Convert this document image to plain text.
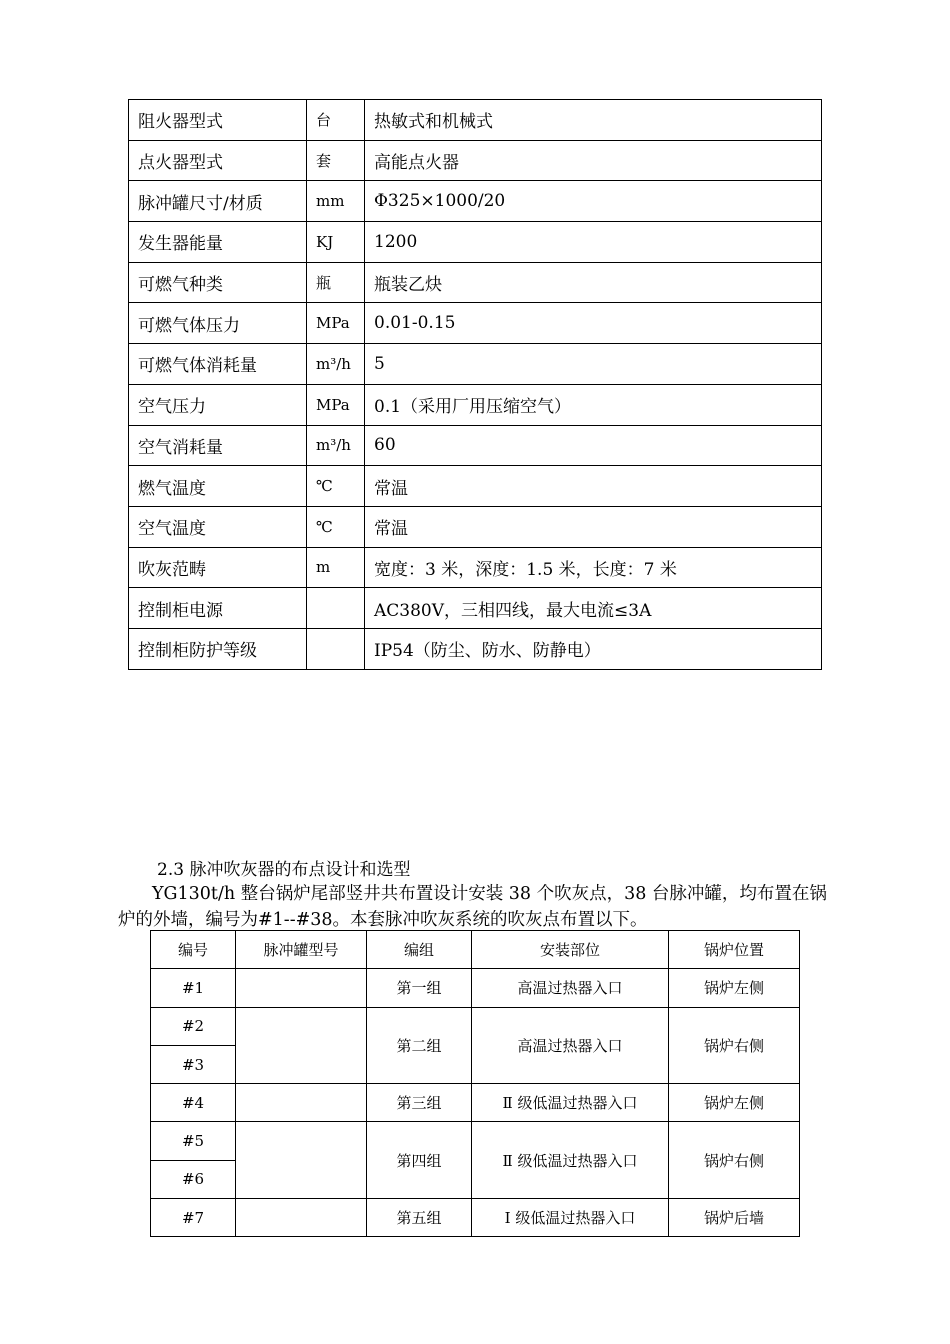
阻火器型式	台	热敏式和机械式
点火器型式	套	高能点火器
脉冲罐尺寸/材质	mm	Φ325×1000/20
发生器能量	KJ	1200
可燃气种类	瓶	瓶装乙炔
可燃气体压力	MPa	0.01-0.15
可燃气体消耗量	m³/h	5
空气压力	MPa	0.1（采用厂用压缩空气）
空气消耗量	m³/h	60
燃气温度	℃	常温
空气温度	℃	常温
吹灰范畴	m	宽度：3 米，深度：1.5 米，长度：7 米
控制柜电源		AC380V，三相四线，最大电流≤3A
控制柜防护等级		IP54（防尘、防水、防静电）

2.3 脉冲吹灰器的布点设计和选型

YG130t/h 整台锅炉尾部竖井共布置设计安装 38 个吹灰点，38 台脉冲罐，均布置在锅炉的外墙，编号为#1--#38。本套脉冲吹灰系统的吹灰点布置以下。

编号	脉冲罐型号	编组	安装部位	锅炉位置
#1		第一组	高温过热器入口	锅炉左侧
#2		第二组	高温过热器入口	锅炉右侧
#3				
#4		第三组	Ⅱ 级低温过热器入口	锅炉左侧
#5		第四组	Ⅱ 级低温过热器入口	锅炉右侧
#6				
#7		第五组	Ⅰ 级低温过热器入口	锅炉后墙
